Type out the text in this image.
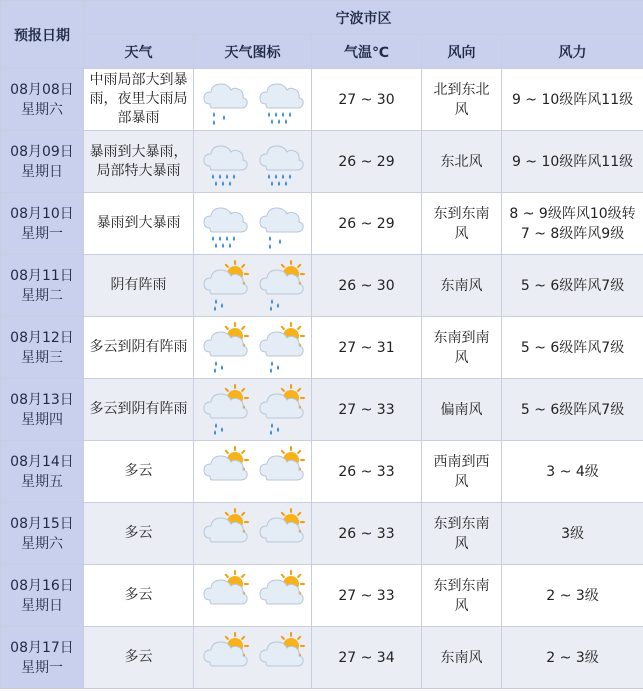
预报日期	宁波市区				
	天气	天气图标	气温℃	风向	风力

08月08日
星期六	中雨局部大到暴雨，夜里大雨局部暴雨		27 ~ 30	北到东北风	9 ~ 10级阵风11级

08月09日
星期日	暴雨到大暴雨，局部特大暴雨		26 ~ 29	东北风	9 ~ 10级阵风11级

08月10日
星期一	暴雨到大暴雨		26 ~ 29	东到东南风	8 ~ 9级阵风10级转7 ~ 8级阵风9级

08月11日
星期二	阴有阵雨		26 ~ 30	东南风	5 ~ 6级阵风7级

08月12日
星期三	多云到阴有阵雨		27 ~ 31	东南到南风	5 ~ 6级阵风7级

08月13日
星期四	多云到阴有阵雨		27 ~ 33	偏南风	5 ~ 6级阵风7级

08月14日
星期五	多云		26 ~ 33	西南到西风	3 ~ 4级

08月15日
星期六	多云		26 ~ 33	东到东南风	3级

08月16日
星期日	多云		27 ~ 33	东到东南风	2 ~ 3级

08月17日
星期一	多云		27 ~ 34	东南风	2 ~ 3级
